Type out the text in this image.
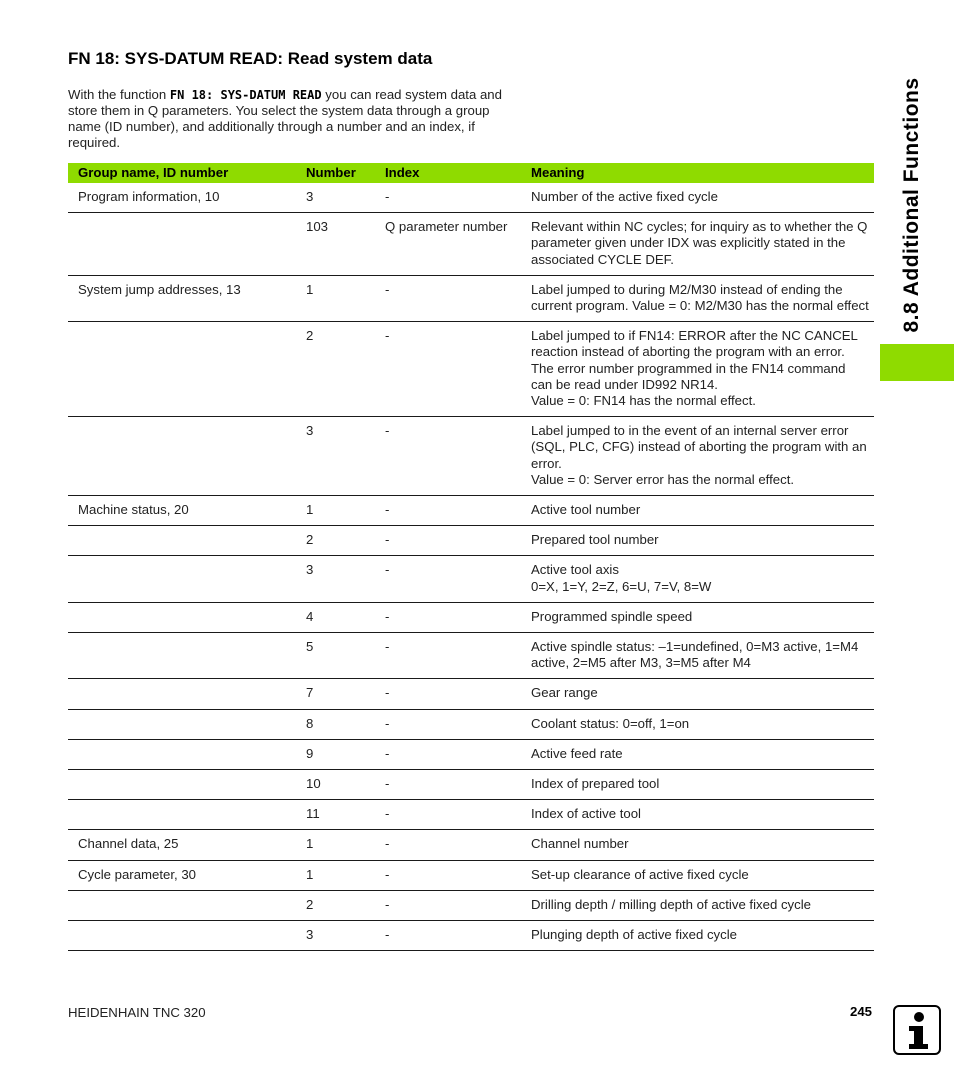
FN 18: SYS-DATUM READ: Read system data
With the function FN 18: SYS-DATUM READ you can read system data and store them in Q parameters. You select the system data through a group name (ID number), and additionally through a number and an index, if required.
Group name, ID number	Number	Index	Meaning
Program information, 10	3	-	Number of the active fixed cycle
	103	Q parameter number	Relevant within NC cycles; for inquiry as to whether the Q parameter given under IDX was explicitly stated in the associated CYCLE DEF.
System jump addresses, 13	1	-	Label jumped to during M2/M30 instead of ending the current program. Value = 0: M2/M30 has the normal effect
	2	-	Label jumped to if FN14: ERROR after the NC CANCEL reaction instead of aborting the program with an error. The error number programmed in the FN14 command can be read under ID992 NR14.
Value = 0: FN14 has the normal effect.
	3	-	Label jumped to in the event of an internal server error (SQL, PLC, CFG) instead of aborting the program with an error.
Value = 0: Server error has the normal effect.
Machine status, 20	1	-	Active tool number
	2	-	Prepared tool number
	3	-	Active tool axis
0=X, 1=Y, 2=Z, 6=U, 7=V, 8=W
	4	-	Programmed spindle speed
	5	-	Active spindle status: –1=undefined, 0=M3 active, 1=M4 active, 2=M5 after M3, 3=M5 after M4
	7	-	Gear range
	8	-	Coolant status: 0=off, 1=on
	9	-	Active feed rate
	10	-	Index of prepared tool
	11	-	Index of active tool
Channel data, 25	1	-	Channel number
Cycle parameter, 30	1	-	Set-up clearance of active fixed cycle
	2	-	Drilling depth / milling depth of active fixed cycle
	3	-	Plunging depth of active fixed cycle
8.8 Additional Functions
HEIDENHAIN TNC 320	245
